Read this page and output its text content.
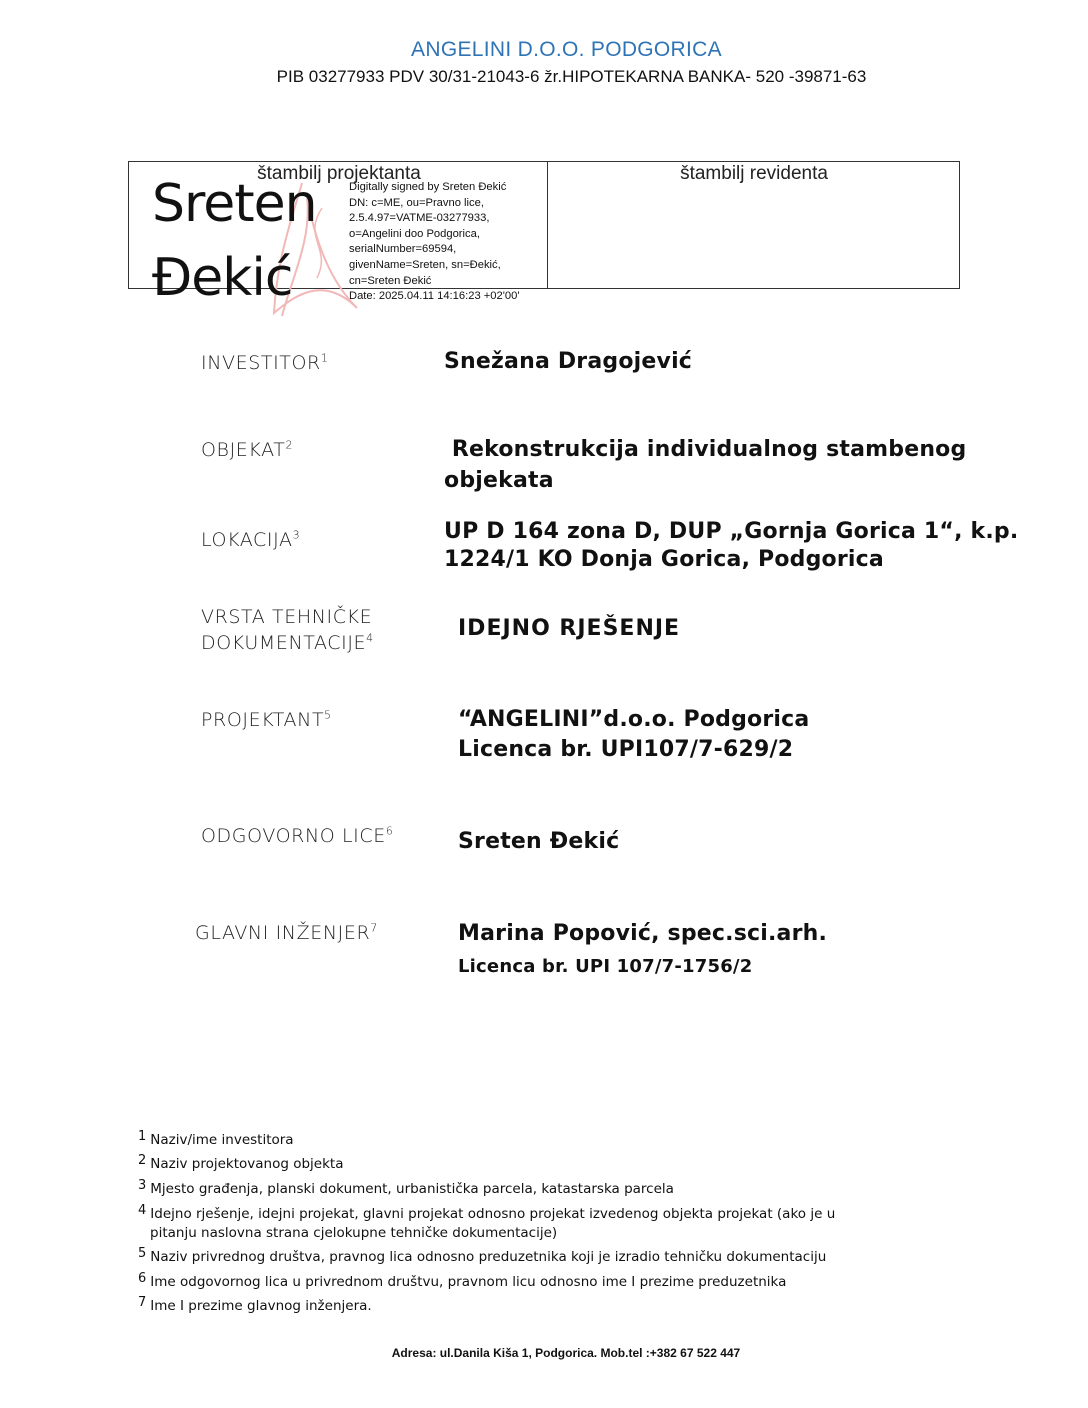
ANGELINI D.O.O. PODGORICA
PIB 03277933 PDV 30/31-21043-6 žr.HIPOTEKARNA BANKA- 520 -39871-63
štambilj projektanta	štambilj revidenta
Sreten
Đekić
Digitally signed by Sreten Đekić
DN: c=ME, ou=Pravno lice,
2.5.4.97=VATME-03277933,
o=Angelini doo Podgorica,
serialNumber=69594,
givenName=Sreten, sn=Đekić,
cn=Sreten Đekić
Date: 2025.04.11 14:16:23 +02'00'
INVESTITOR$^1$	Snežana Dragojević
OBJEKAT$^2$	Rekonstrukcija individualnog stambenog
objekata
LOKACIJA$^3$	UP D 164 zona D, DUP „Gornja Gorica 1“, k.p.
1224/1 KO Donja Gorica, Podgorica
VRSTA TEHNIČKE
DOKUMENTACIJE$^4$	IDEJNO RJEŠENJE
PROJEKTANT$^5$	“ANGELINI”d.o.o. Podgorica
Licenca br. UPI107/7-629/2
ODGOVORNO LICE$^6$	Sreten Đekić
GLAVNI INŽENJER$^7$	Marina Popović, spec.sci.arh.
Licenca br. UPI 107/7-1756/2
$^1$ Naziv/ime investitora
$^2$ Naziv projektovanog objekta
$^3$ Mjesto građenja, planski dokument, urbanistička parcela, katastarska parcela
$^4$ Idejno rješenje, idejni projekat, glavni projekat odnosno projekat izvedenog objekta projekat (ako je u
pitanju naslovna strana cjelokupne tehničke dokumentacije)
$^5$ Naziv privrednog društva, pravnog lica odnosno preduzetnika koji je izradio tehničku dokumentaciju
$^6$ Ime odgovornog lica u privrednom društvu, pravnom licu odnosno ime I prezime preduzetnika
$^7$ Ime I prezime glavnog inženjera.
Adresa: ul.Danila Kiša 1, Podgorica. Mob.tel :+382 67 522 447
